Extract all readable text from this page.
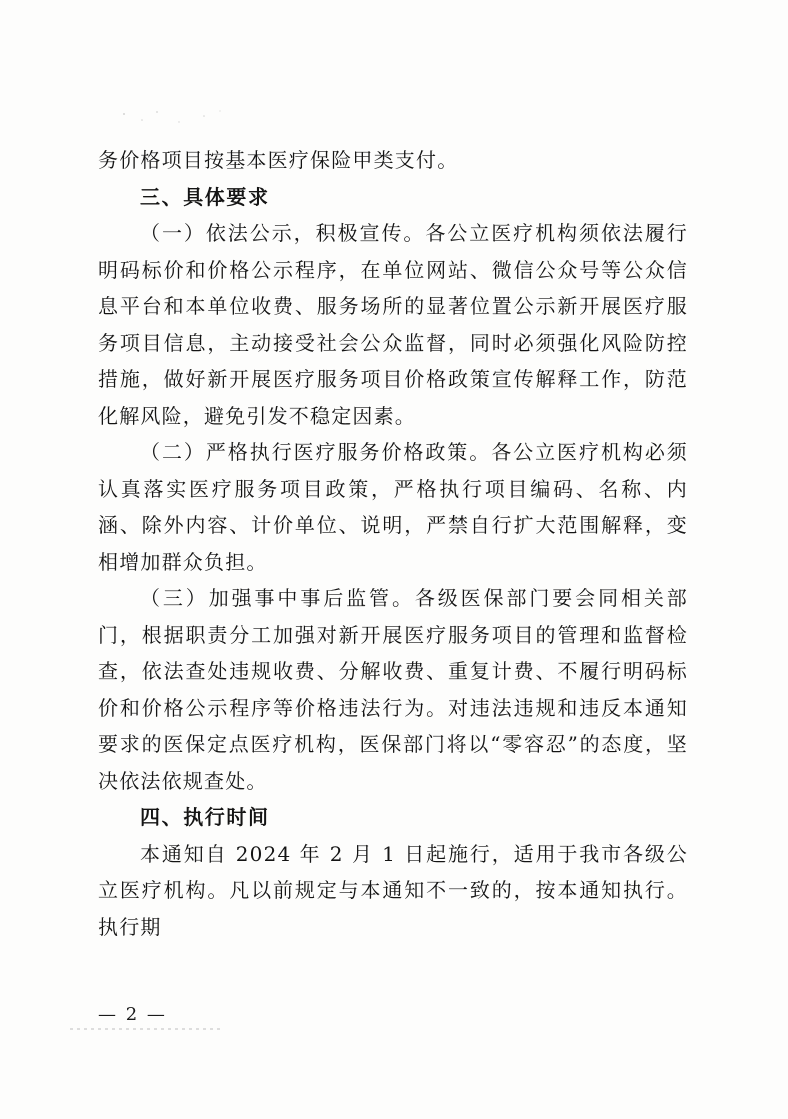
务价格项目按基本医疗保险甲类支付。

三、具体要求

（一）依法公示，积极宣传。各公立医疗机构须依法履行明码标价和价格公示程序，在单位网站、微信公众号等公众信息平台和本单位收费、服务场所的显著位置公示新开展医疗服务项目信息，主动接受社会公众监督，同时必须强化风险防控措施，做好新开展医疗服务项目价格政策宣传解释工作，防范化解风险，避免引发不稳定因素。

（二）严格执行医疗服务价格政策。各公立医疗机构必须认真落实医疗服务项目政策，严格执行项目编码、名称、内涵、除外内容、计价单位、说明，严禁自行扩大范围解释，变相增加群众负担。

（三）加强事中事后监管。各级医保部门要会同相关部门，根据职责分工加强对新开展医疗服务项目的管理和监督检查，依法查处违规收费、分解收费、重复计费、不履行明码标价和价格公示程序等价格违法行为。对违法违规和违反本通知要求的医保定点医疗机构，医保部门将以“零容忍”的态度，坚决依法依规查处。

四、执行时间

本通知自 2024 年 2 月 1 日起施行，适用于我市各级公立医疗机构。凡以前规定与本通知不一致的，按本通知执行。执行期

— 2 —
